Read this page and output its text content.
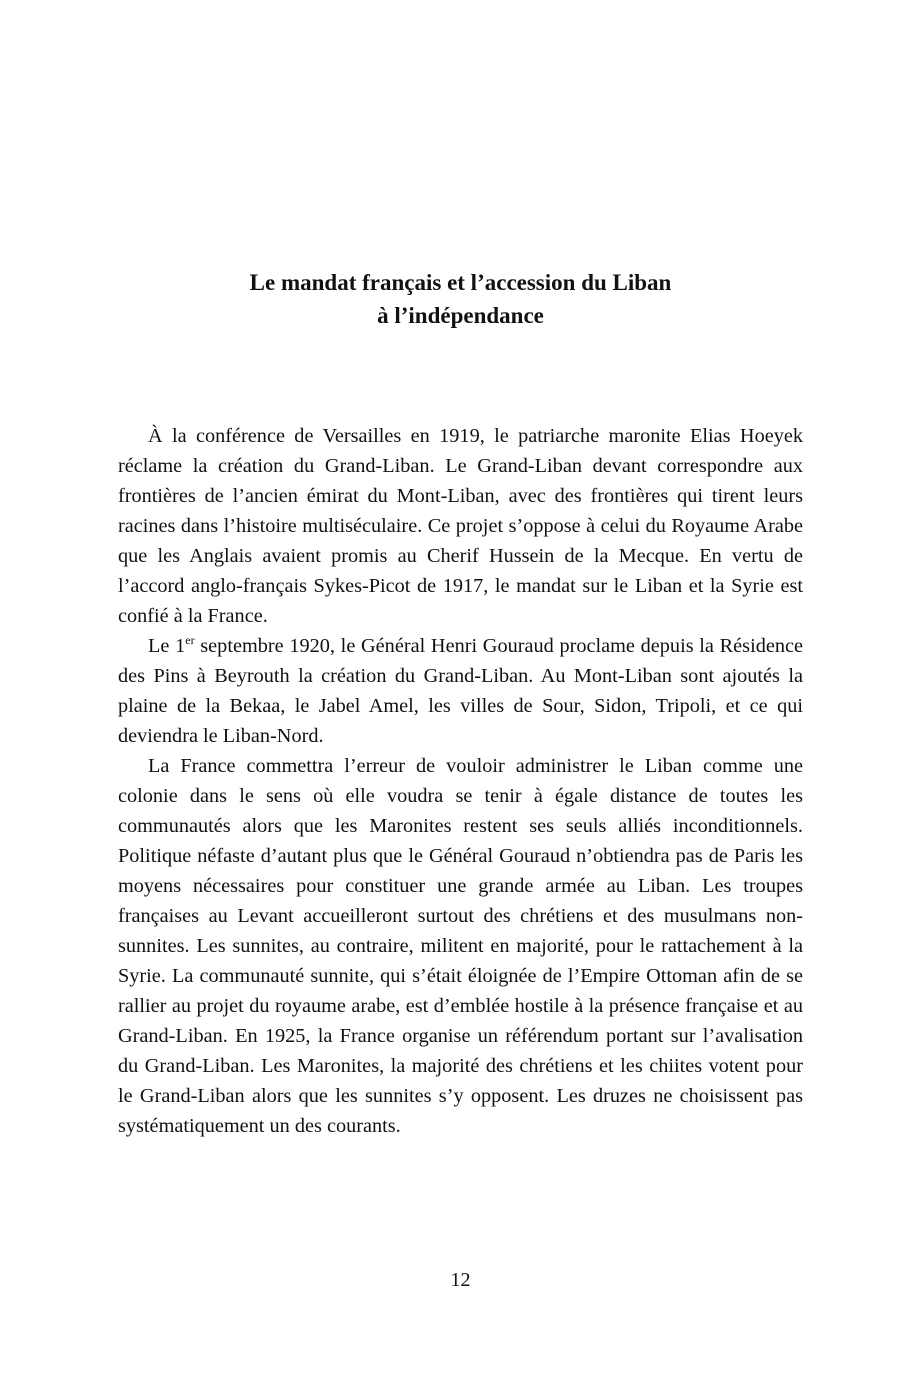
Le mandat français et l’accession du Liban
à l’indépendance

À la conférence de Versailles en 1919, le patriarche maronite Elias Hoeyek réclame la création du Grand-Liban. Le Grand-Liban devant correspondre aux frontières de l’ancien émirat du Mont-Liban, avec des frontières qui tirent leurs racines dans l’histoire multiséculaire. Ce projet s’oppose à celui du Royaume Arabe que les Anglais avaient promis au Cherif Hussein de la Mecque. En vertu de l’accord anglo-français Sykes-Picot de 1917, le mandat sur le Liban et la Syrie est confié à la France.

Le 1er septembre 1920, le Général Henri Gouraud proclame depuis la Résidence des Pins à Beyrouth la création du Grand-Liban. Au Mont-Liban sont ajoutés la plaine de la Bekaa, le Jabel Amel, les villes de Sour, Sidon, Tripoli, et ce qui deviendra le Liban-Nord.

La France commettra l’erreur de vouloir administrer le Liban comme une colonie dans le sens où elle voudra se tenir à égale distance de toutes les communautés alors que les Maronites restent ses seuls alliés inconditionnels. Politique néfaste d’autant plus que le Général Gouraud n’obtiendra pas de Paris les moyens nécessaires pour constituer une grande armée au Liban. Les troupes françaises au Levant accueilleront surtout des chrétiens et des musulmans non-sunnites. Les sunnites, au contraire, militent en majorité, pour le rattachement à la Syrie. La communauté sunnite, qui s’était éloignée de l’Empire Ottoman afin de se rallier au projet du royaume arabe, est d’emblée hostile à la présence française et au Grand-Liban. En 1925, la France organise un référendum portant sur l’avalisation du Grand-Liban. Les Maronites, la majorité des chrétiens et les chiites votent pour le Grand-Liban alors que les sunnites s’y opposent. Les druzes ne choisissent pas systématiquement un des courants.

12
